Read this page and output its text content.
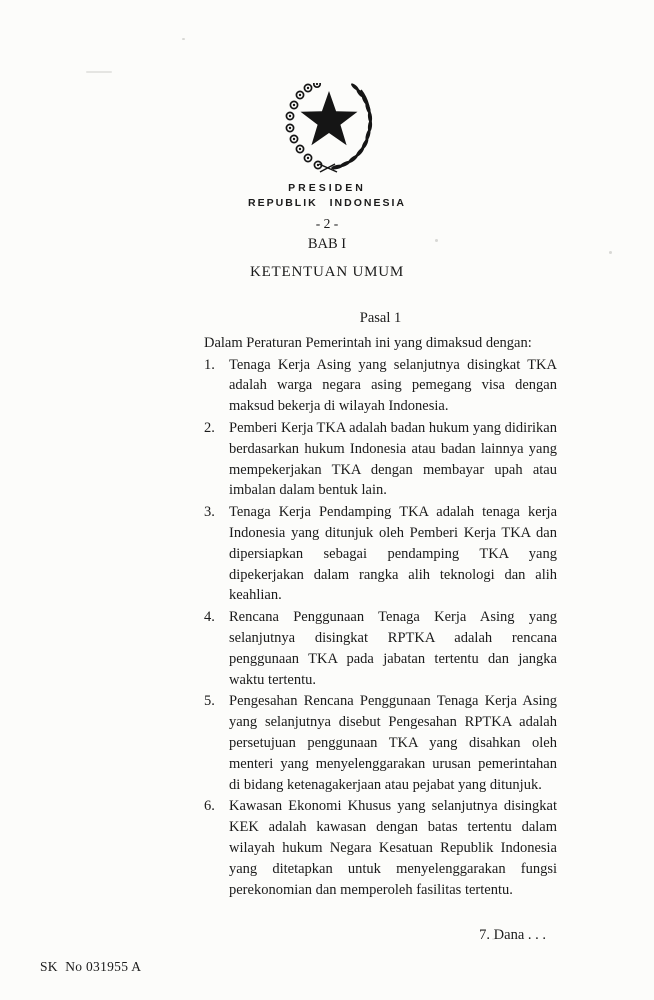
PRESIDEN
REPUBLIK INDONESIA
- 2 -
BAB I
KETENTUAN UMUM
Pasal 1

Dalam Peraturan Pemerintah ini yang dimaksud dengan:

1. Tenaga Kerja Asing yang selanjutnya disingkat TKA adalah warga negara asing pemegang visa dengan maksud bekerja di wilayah Indonesia.
2. Pemberi Kerja TKA adalah badan hukum yang didirikan berdasarkan hukum Indonesia atau badan lainnya yang mempekerjakan TKA dengan membayar upah atau imbalan dalam bentuk lain.
3. Tenaga Kerja Pendamping TKA adalah tenaga kerja Indonesia yang ditunjuk oleh Pemberi Kerja TKA dan dipersiapkan sebagai pendamping TKA yang dipekerjakan dalam rangka alih teknologi dan alih keahlian.
4. Rencana Penggunaan Tenaga Kerja Asing yang selanjutnya disingkat RPTKA adalah rencana penggunaan TKA pada jabatan tertentu dan jangka waktu tertentu.
5. Pengesahan Rencana Penggunaan Tenaga Kerja Asing yang selanjutnya disebut Pengesahan RPTKA adalah persetujuan penggunaan TKA yang disahkan oleh menteri yang menyelenggarakan urusan pemerintahan di bidang ketenagakerjaan atau pejabat yang ditunjuk.
6. Kawasan Ekonomi Khusus yang selanjutnya disingkat KEK adalah kawasan dengan batas tertentu dalam wilayah hukum Negara Kesatuan Republik Indonesia yang ditetapkan untuk menyelenggarakan fungsi perekonomian dan memperoleh fasilitas tertentu.
7. Dana . . .
SK  No 031955 A
